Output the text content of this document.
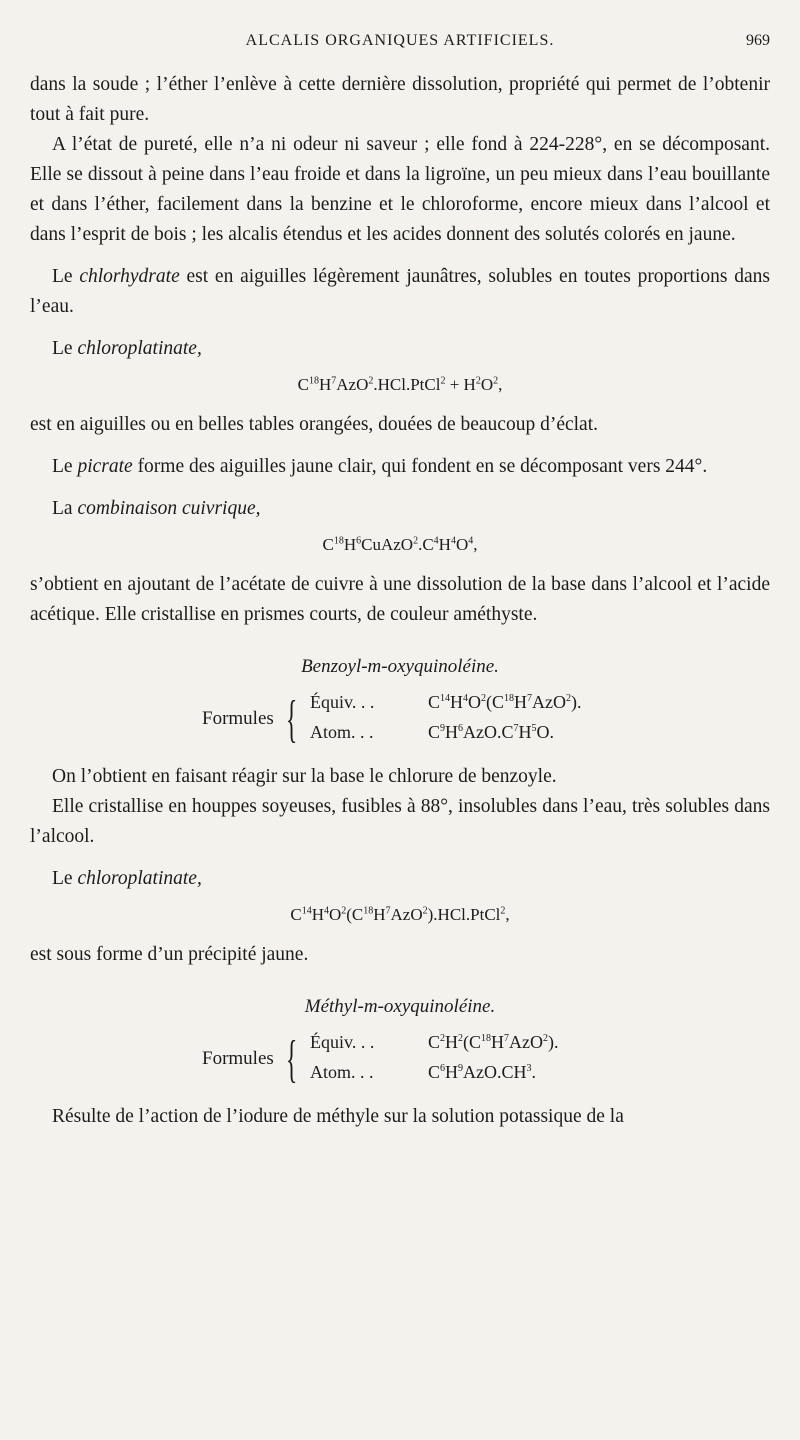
ALCALIS ORGANIQUES ARTIFICIELS.	969

dans la soude ; l’éther l’enlève à cette dernière dissolution, propriété qui permet de l’obtenir tout à fait pure.

A l’état de pureté, elle n’a ni odeur ni saveur ; elle fond à 224-228°, en se décomposant. Elle se dissout à peine dans l’eau froide et dans la ligroïne, un peu mieux dans l’eau bouillante et dans l’éther, facilement dans la benzine et le chloroforme, encore mieux dans l’alcool et dans l’esprit de bois ; les alcalis étendus et les acides donnent des solutés colorés en jaune.

Le chlorhydrate est en aiguilles légèrement jaunâtres, solubles en toutes proportions dans l’eau.

Le chloroplatinate,

$C^{18}H^7AzO^2.HCl.PtCl^2 + H^2O^2$,

est en aiguilles ou en belles tables orangées, douées de beaucoup d’éclat.

Le picrate forme des aiguilles jaune clair, qui fondent en se décomposant vers 244°.

La combinaison cuivrique,

$C^{18}H^6CuAzO^2.C^4H^4O^4$,

s’obtient en ajoutant de l’acétate de cuivre à une dissolution de la base dans l’alcool et l’acide acétique. Elle cristallise en prismes courts, de couleur améthyste.

Benzoyl-m-oxyquinoléine.
Formules { Équiv. . .	$C^{14}H^4O^2(C^{18}H^7AzO^2)$.
Atom. . .	$C^9H^6AzO.C^7H^5O$.

On l’obtient en faisant réagir sur la base le chlorure de benzoyle.

Elle cristallise en houppes soyeuses, fusibles à 88°, insolubles dans l’eau, très solubles dans l’alcool.

Le chloroplatinate,

$C^{14}H^4O^2(C^{18}H^7AzO^2).HCl.PtCl^2$,

est sous forme d’un précipité jaune.

Méthyl-m-oxyquinoléine.
Formules { Équiv. . .	$C^2H^2(C^{18}H^7AzO^2)$.
Atom. . .	$C^6H^9AzO.CH^3$.

Résulte de l’action de l’iodure de méthyle sur la solution potassique de la
